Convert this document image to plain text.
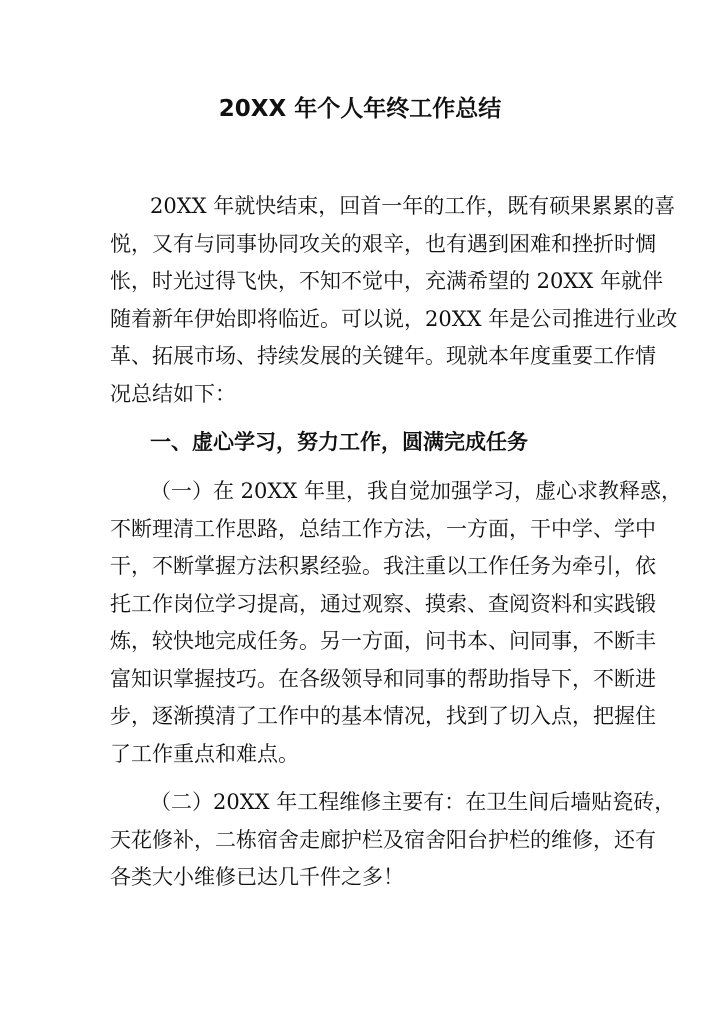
20XX 年个人年终工作总结
20XX 年就快结束，回首一年的工作，既有硕果累累的喜
悦，又有与同事协同攻关的艰辛，也有遇到困难和挫折时惆
怅，时光过得飞快，不知不觉中，充满希望的 20XX 年就伴
随着新年伊始即将临近。可以说，20XX 年是公司推进行业改
革、拓展市场、持续发展的关键年。现就本年度重要工作情
况总结如下：
一、虚心学习，努力工作，圆满完成任务
（一）在 20XX 年里，我自觉加强学习，虚心求教释惑，
不断理清工作思路，总结工作方法，一方面，干中学、学中
干，不断掌握方法积累经验。我注重以工作任务为牵引，依
托工作岗位学习提高，通过观察、摸索、查阅资料和实践锻
炼，较快地完成任务。另一方面，问书本、问同事，不断丰
富知识掌握技巧。在各级领导和同事的帮助指导下，不断进
步，逐渐摸清了工作中的基本情况，找到了切入点，把握住
了工作重点和难点。
（二）20XX 年工程维修主要有：在卫生间后墙贴瓷砖，
天花修补，二栋宿舍走廊护栏及宿舍阳台护栏的维修，还有
各类大小维修已达几千件之多！
